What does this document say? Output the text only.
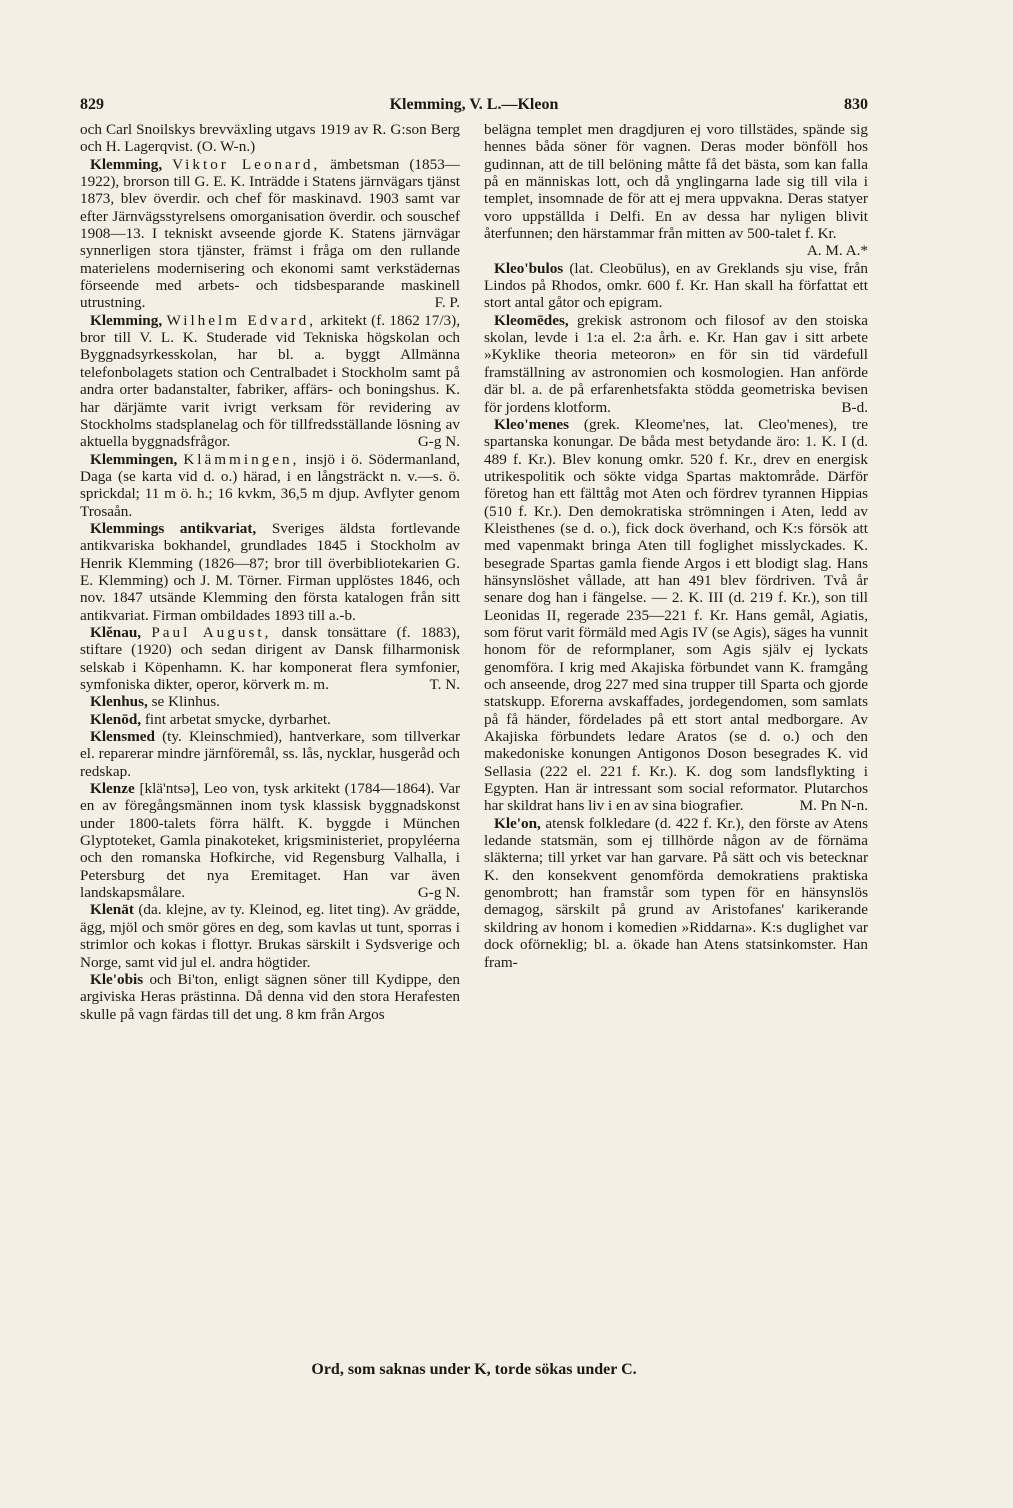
829	Klemming, V. L.—Kleon	830

och Carl Snoilskys brevväxling utgavs 1919 av R. G:son Berg och H. Lagerqvist. (O. W-n.)

Klemming, Viktor Leonard, ämbetsman (1853—1922), brorson till G. E. K. Inträdde i Statens järnvägars tjänst 1873, blev överdir. och chef för maskinavd. 1903 samt var efter Järnvägsstyrelsens omorganisation överdir. och souschef 1908—13. I tekniskt avseende gjorde K. Statens järnvägar synnerligen stora tjänster, främst i fråga om den rullande materielens modernisering och ekonomi samt verkstädernas förseende med arbets- och tidsbesparande maskinell utrustning.	F. P.

Klemming, Wilhelm Edvard, arkitekt (f. 1862 17/3), bror till V. L. K. Studerade vid Tekniska högskolan och Byggnadsyrkesskolan, har bl. a. byggt Allmänna telefonbolagets station och Centralbadet i Stockholm samt på andra orter badanstalter, fabriker, affärs- och boningshus. K. har därjämte varit ivrigt verksam för revidering av Stockholms stadsplanelag och för tillfredsställande lösning av aktuella byggnadsfrågor.	G-g N.

Klemmingen, Klämmingen, insjö i ö. Södermanland, Daga (se karta vid d. o.) härad, i en långsträckt n. v.—s. ö. sprickdal; 11 m ö. h.; 16 kvkm, 36,5 m djup. Avflyter genom Trosaån.

Klemmings antikvariat, Sveriges äldsta fortlevande antikvariska bokhandel, grundlades 1845 i Stockholm av Henrik Klemming (1826—87; bror till överbibliotekarien G. E. Klemming) och J. M. Törner. Firman upplöstes 1846, och nov. 1847 utsände Klemming den första katalogen från sitt antikvariat. Firman ombildades 1893 till a.-b.

Klĕnau, Paul August, dansk tonsättare (f. 1883), stiftare (1920) och sedan dirigent av Dansk filharmonisk selskab i Köpenhamn. K. har komponerat flera symfonier, symfoniska dikter, operor, körverk m. m.	T. N.

Klenhus, se Klinhus.

Klenōd, fint arbetat smycke, dyrbarhet.

Klensmed (ty. Kleinschmied), hantverkare, som tillverkar el. reparerar mindre järnföremål, ss. lås, nycklar, husgeråd och redskap.

Klenze [klä'ntsə], Leo von, tysk arkitekt (1784—1864). Var en av föregångsmännen inom tysk klassisk byggnadskonst under 1800-talets förra hälft. K. byggde i München Glyptoteket, Gamla pinakoteket, krigsministeriet, propyléerna och den romanska Hofkirche, vid Regensburg Valhalla, i Petersburg det nya Eremitaget. Han var även landskapsmålare.	G-g N.

Klenät (da. klejne, av ty. Kleinod, eg. litet ting). Av grädde, ägg, mjöl och smör göres en deg, som kavlas ut tunt, sporras i strimlor och kokas i flottyr. Brukas särskilt i Sydsverige och Norge, samt vid jul el. andra högtider.

Kle'obis och Bi'ton, enligt sägnen söner till Kydippe, den argiviska Heras prästinna. Då denna vid den stora Herafesten skulle på vagn färdas till det ung. 8 km från Argos

belägna templet men dragdjuren ej voro tillstädes, spände sig hennes båda söner för vagnen. Deras moder bönföll hos gudinnan, att de till belöning måtte få det bästa, som kan falla på en människas lott, och då ynglingarna lade sig till vila i templet, insomnade de för att ej mera uppvakna. Deras statyer voro uppställda i Delfi. En av dessa har nyligen blivit återfunnen; den härstammar från mitten av 500-talet f. Kr.
A. M. A.*

Kleo'bulos (lat. Cleobūlus), en av Greklands sju vise, från Lindos på Rhodos, omkr. 600 f. Kr. Han skall ha författat ett stort antal gåtor och epigram.

Kleomēdes, grekisk astronom och filosof av den stoiska skolan, levde i 1:a el. 2:a årh. e. Kr. Han gav i sitt arbete »Kyklike theoria meteoron» en för sin tid värdefull framställning av astronomien och kosmologien. Han anförde där bl. a. de på erfarenhetsfakta stödda geometriska bevisen för jordens klotform.	B-d.

Kleo'menes (grek. Kleome'nes, lat. Cleo'menes), tre spartanska konungar. De båda mest betydande äro: 1. K. I (d. 489 f. Kr.). Blev konung omkr. 520 f. Kr., drev en energisk utrikespolitik och sökte vidga Spartas maktområde. Därför företog han ett fälttåg mot Aten och fördrev tyrannen Hippias (510 f. Kr.). Den demokratiska strömningen i Aten, ledd av Kleisthenes (se d. o.), fick dock överhand, och K:s försök att med vapenmakt bringa Aten till foglighet misslyckades. K. besegrade Spartas gamla fiende Argos i ett blodigt slag. Hans hänsynslöshet vållade, att han 491 blev fördriven. Två år senare dog han i fängelse. — 2. K. III (d. 219 f. Kr.), son till Leonidas II, regerade 235—221 f. Kr. Hans gemål, Agiatis, som förut varit förmäld med Agis IV (se Agis), säges ha vunnit honom för de reformplaner, som Agis själv ej lyckats genomföra. I krig med Akajiska förbundet vann K. framgång och anseende, drog 227 med sina trupper till Sparta och gjorde statskupp. Eforerna avskaffades, jordegendomen, som samlats på få händer, fördelades på ett stort antal medborgare. Av Akajiska förbundets ledare Aratos (se d. o.) och den makedoniske konungen Antigonos Doson besegrades K. vid Sellasia (222 el. 221 f. Kr.). K. dog som landsflykting i Egypten. Han är intressant som social reformator. Plutarchos har skildrat hans liv i en av sina biografier.	M. Pn N-n.

Kle'on, atensk folkledare (d. 422 f. Kr.), den förste av Atens ledande statsmän, som ej tillhörde någon av de förnäma släkterna; till yrket var han garvare. På sätt och vis betecknar K. den konsekvent genomförda demokratiens praktiska genombrott; han framstår som typen för en hänsynslös demagog, särskilt på grund av Aristofanes' karikerande skildring av honom i komedien »Riddarna». K:s duglighet var dock oförneklig; bl. a. ökade han Atens statsinkomster. Han fram-

Ord, som saknas under K, torde sökas under C.
